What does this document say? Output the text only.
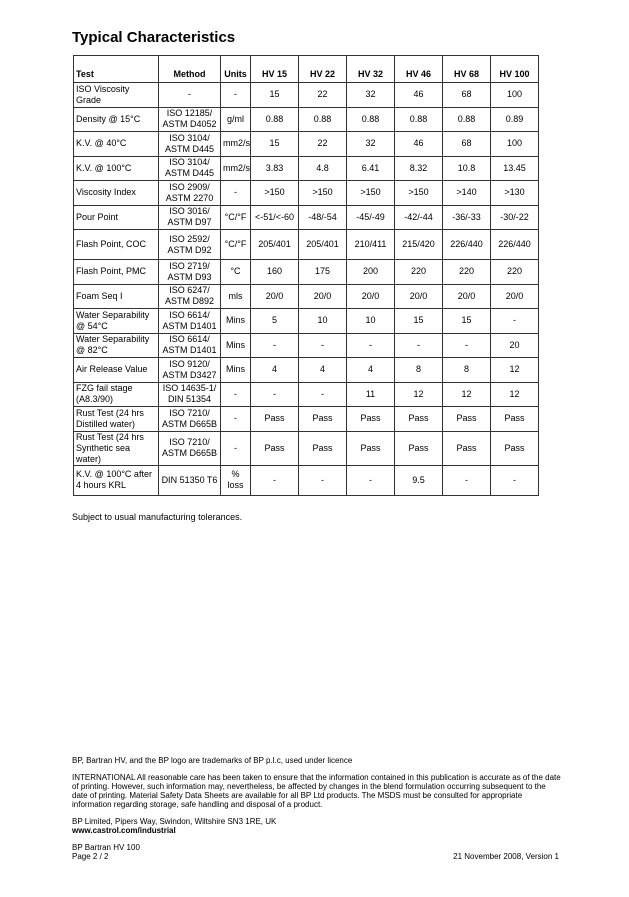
Typical Characteristics
Test	Method	Units	HV 15	HV 22	HV 32	HV 46	HV 68	HV 100
ISO Viscosity Grade	-	-	15	22	32	46	68	100
Density @ 15°C	ISO 12185/ ASTM D4052	g/ml	0.88	0.88	0.88	0.88	0.88	0.89
K.V. @ 40°C	ISO 3104/ ASTM D445	mm2/s	15	22	32	46	68	100
K.V. @ 100°C	ISO 3104/ ASTM D445	mm2/s	3.83	4.8	6.41	8.32	10.8	13.45
Viscosity Index	ISO 2909/ ASTM 2270	-	>150	>150	>150	>150	>140	>130
Pour Point	ISO 3016/ ASTM D97	°C/°F	<-51/<-60	-48/-54	-45/-49	-42/-44	-36/-33	-30/-22
Flash Point, COC	ISO 2592/ ASTM D92	°C/°F	205/401	205/401	210/411	215/420	226/440	226/440
Flash Point, PMC	ISO 2719/ ASTM D93	°C	160	175	200	220	220	220
Foam Seq I	ISO 6247/ ASTM D892	mls	20/0	20/0	20/0	20/0	20/0	20/0
Water Separability @ 54°C	ISO 6614/ ASTM D1401	Mins	5	10	10	15	15	-
Water Separability @ 82°C	ISO 6614/ ASTM D1401	Mins	-	-	-	-	-	20
Air Release Value	ISO 9120/ ASTM D3427	Mins	4	4	4	8	8	12
FZG fail stage (A8.3/90)	ISO 14635-1/ DIN 51354	-	-	-	11	12	12	12
Rust Test (24 hrs Distilled water)	ISO 7210/ ASTM D665B	-	Pass	Pass	Pass	Pass	Pass	Pass
Rust Test (24 hrs Synthetic sea water)	ISO 7210/ ASTM D665B	-	Pass	Pass	Pass	Pass	Pass	Pass
K.V. @ 100°C after 4 hours KRL	DIN 51350 T6	% loss	-	-	-	9.5	-	-
Subject to usual manufacturing tolerances.
BP, Bartran HV, and the BP logo are trademarks of BP p.l.c, used under licence
INTERNATIONAL All reasonable care has been taken to ensure that the information contained in this publication is accurate as of the date of printing. However, such information may, nevertheless, be affected by changes in the blend formulation occurring subsequent to the date of printing. Material Safety Data Sheets are available for all BP Ltd products. The MSDS must be consulted for appropriate information regarding storage, safe handling and disposal of a product.
BP Limited, Pipers Way, Swindon, Wiltshire SN3 1RE, UK
www.castrol.com/industrial
BP Bartran HV 100
Page 2 / 2	21 November 2008, Version 1
